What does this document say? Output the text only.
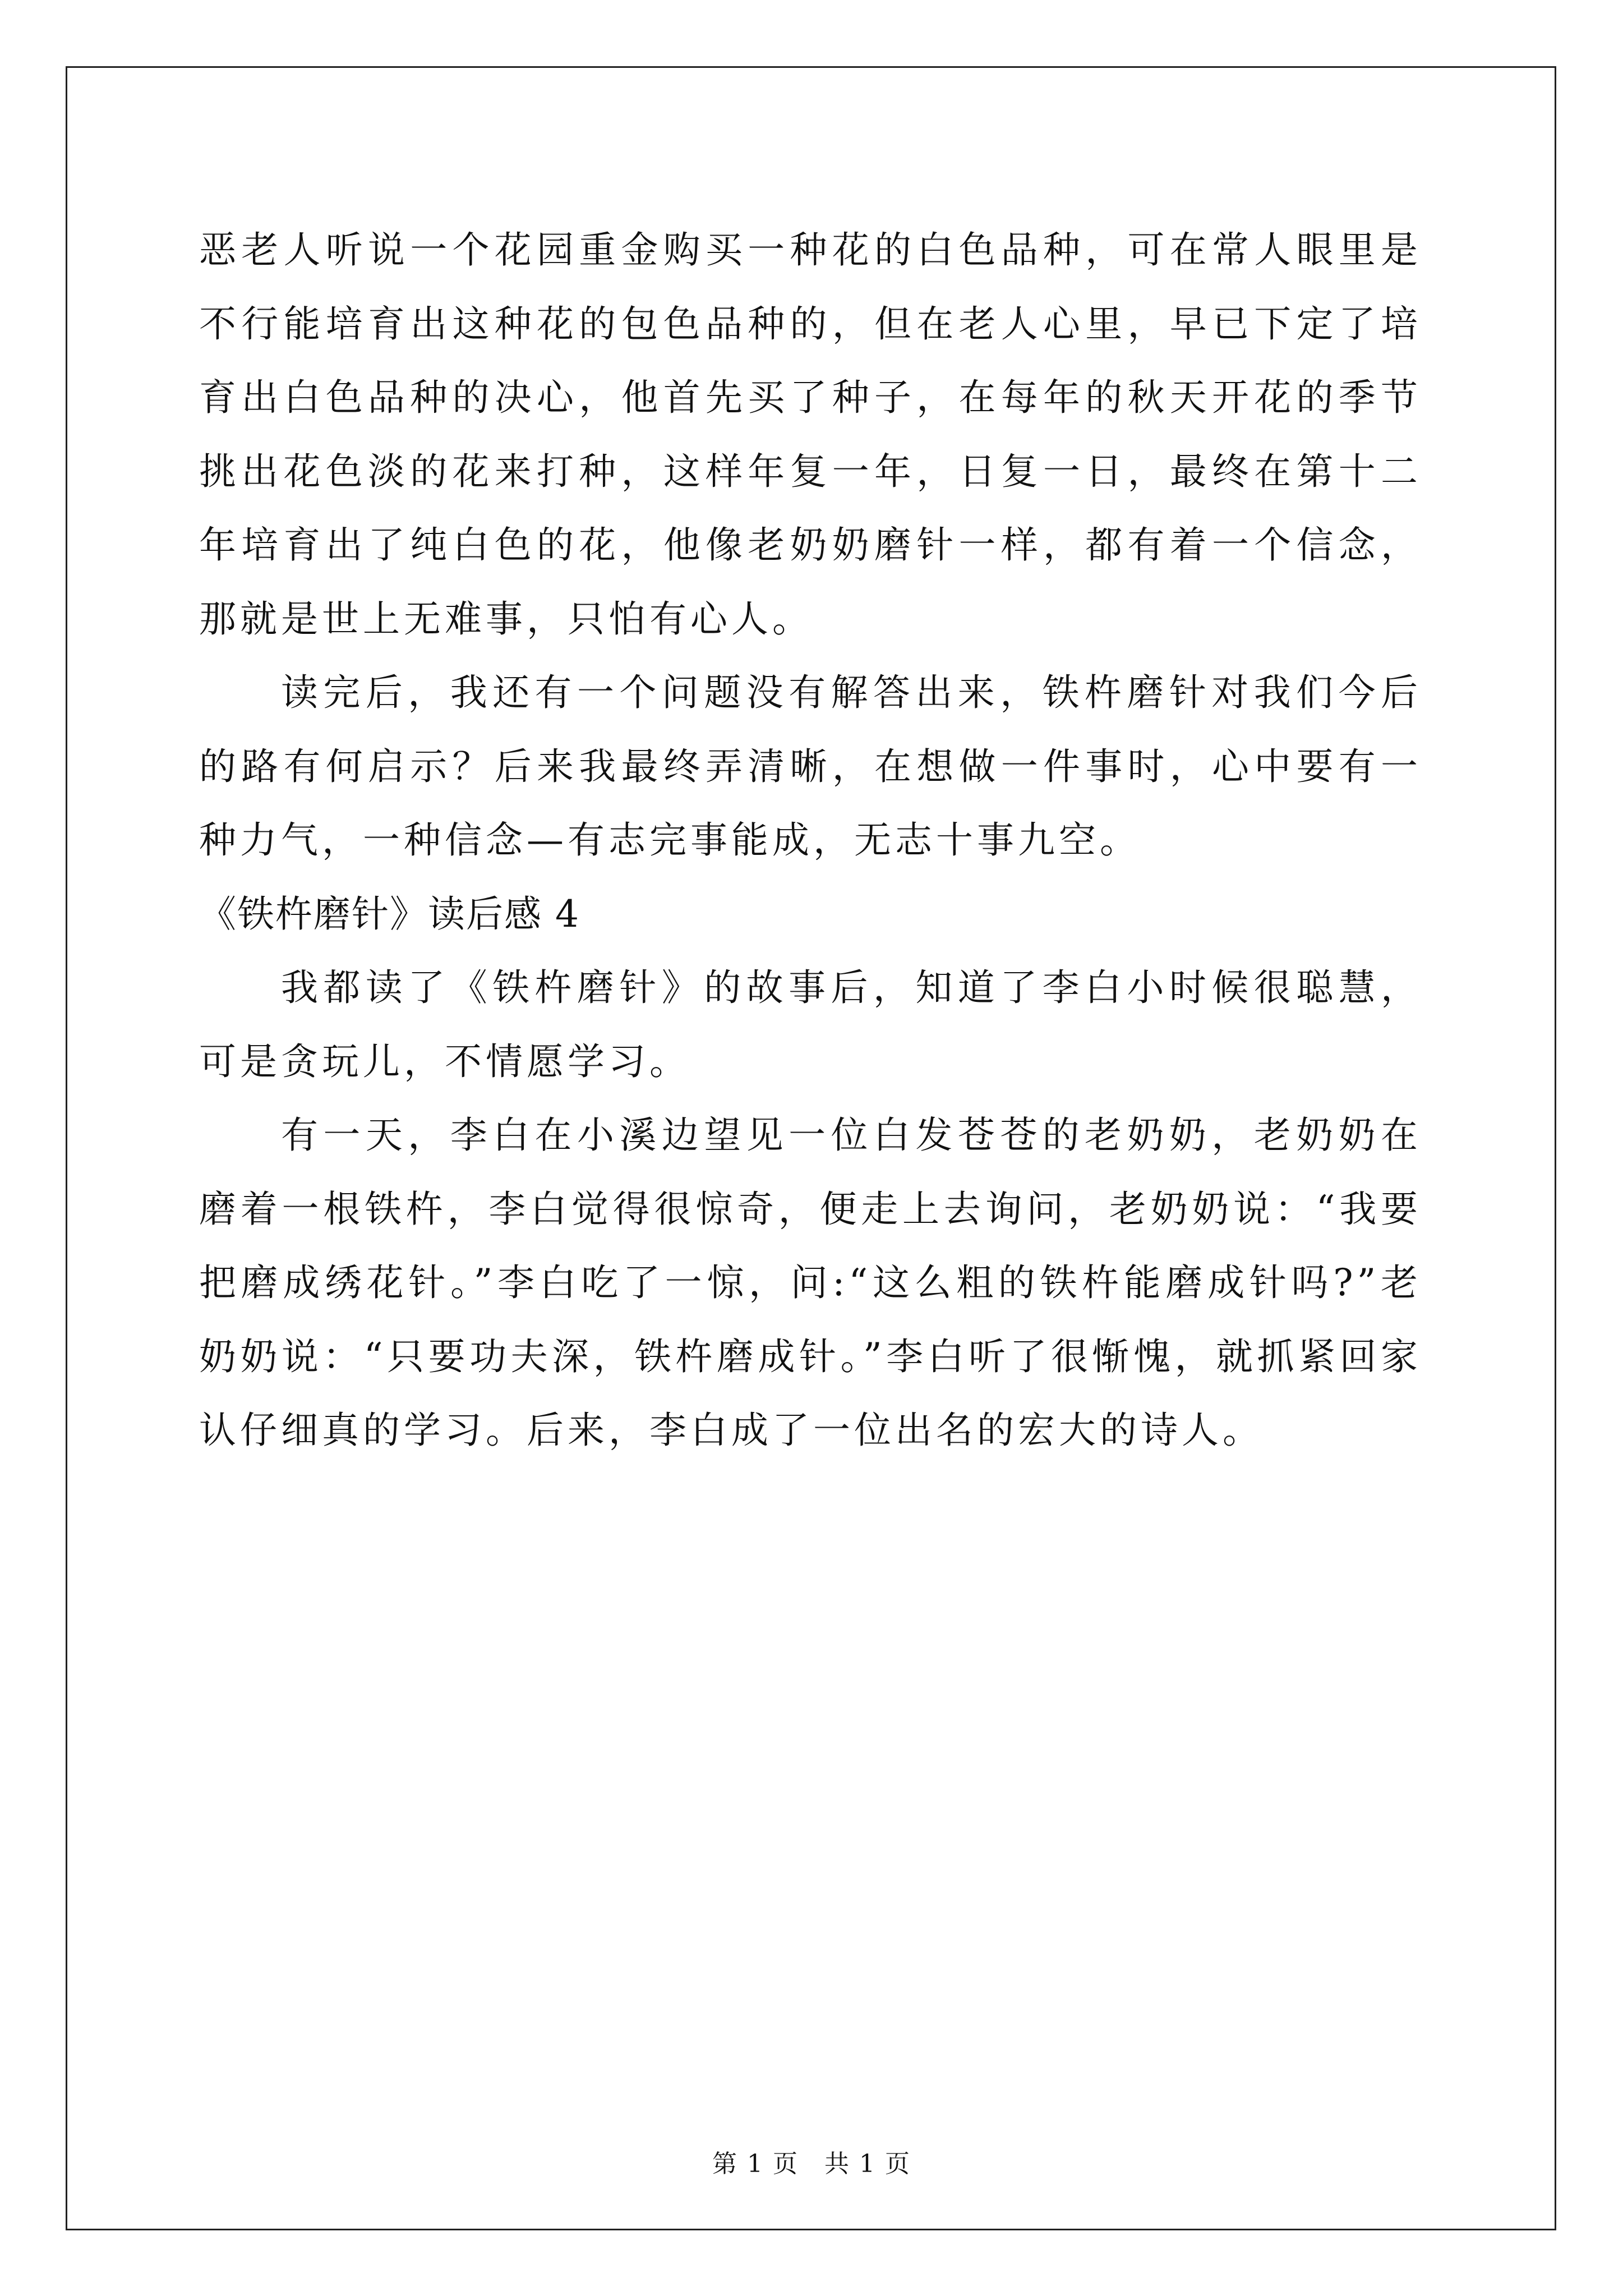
恶老人听说一个花园重金购买一种花的白色品种，可在常人眼里是不行能培育出这种花的包色品种的，但在老人心里，早已下定了培育出白色品种的决心，他首先买了种子，在每年的秋天开花的季节挑出花色淡的花来打种，这样年复一年，日复一日，最终在第十二年培育出了纯白色的花，他像老奶奶磨针一样，都有着一个信念，那就是世上无难事，只怕有心人。

读完后，我还有一个问题没有解答出来，铁杵磨针对我们今后的路有何启示？后来我最终弄清晰，在想做一件事时，心中要有一种力气，一种信念—有志完事能成，无志十事九空。

《铁杵磨针》读后感 4

我都读了《铁杵磨针》的故事后，知道了李白小时候很聪慧，可是贪玩儿，不情愿学习。

有一天，李白在小溪边望见一位白发苍苍的老奶奶，老奶奶在磨着一根铁杵，李白觉得很惊奇，便走上去询问，老奶奶说：“我要把磨成绣花针。”李白吃了一惊，问:“这么粗的铁杵能磨成针吗?”老奶奶说：“只要功夫深，铁杵磨成针。”李白听了很惭愧，就抓紧回家认仔细真的学习。后来，李白成了一位出名的宏大的诗人。

第 1 页　共 1 页
